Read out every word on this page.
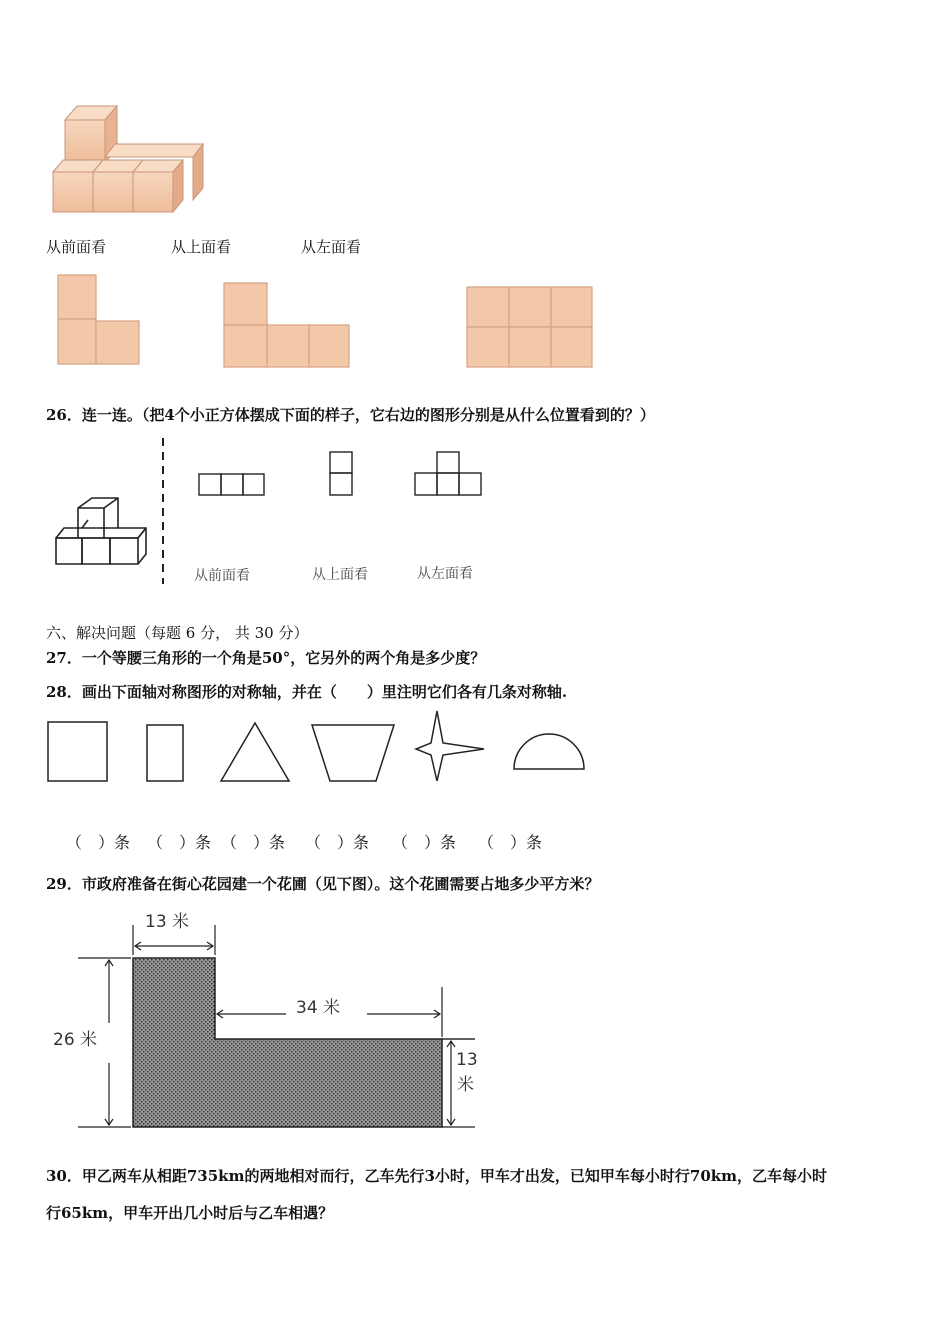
从前面看	从上面看	从左面看
26．连一连。（把4个小正方体摆成下面的样子，它右边的图形分别是从什么位置看到的？）
从前面看	从上面看	从左面看
六、解决问题（每题 6 分， 共 30 分）
27．一个等腰三角形的一个角是50°，它另外的两个角是多少度？
28．画出下面轴对称图形的对称轴，并在（　　）里注明它们各有几条对称轴.
（　）条 （　）条 （　）条 （　）条 （　）条 （　）条
29．市政府准备在街心花园建一个花圃（见下图）。这个花圃需要占地多少平方米？
13 米
26 米
34 米
13
米
30．甲乙两车从相距735km的两地相对而行，乙车先行3小时，甲车才出发，已知甲车每小时行70km，乙车每小时
行65km，甲车开出几小时后与乙车相遇？
